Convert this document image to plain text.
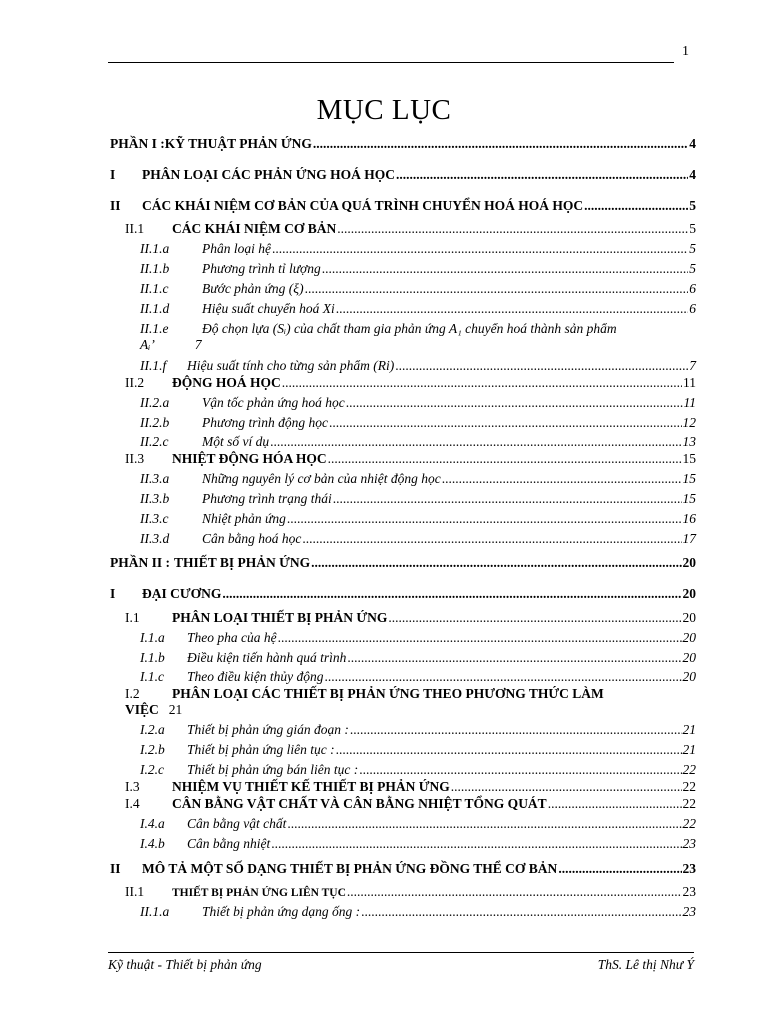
1
MỤC LỤC
PHẦN I : KỸ THUẬT PHẢN ỨNG .....	4
I	PHÂN LOẠI CÁC PHẢN ỨNG HOÁ HỌC .....	4
II	CÁC KHÁI NIỆM CƠ BẢN CỦA QUÁ TRÌNH CHUYỂN HOÁ HOÁ HỌC .....	5
II.1	CÁC KHÁI NIỆM CƠ BẢN .....	5
II.1.a	Phân loại hệ .....	5
II.1.b	Phương trình tỉ lượng .....	5
II.1.c	Bước phản ứng (ξ) .....	6
II.1.d	Hiệu suất chuyển hoá Xi .....	6
II.1.e Độ chọn lựa (Sᵢ) của chất tham gia phản ứng A₁ chuyển hoá thành sản phẩm
Aᵢ’	7
II.1.f	Hiệu suất tính cho từng sản phẩm (Ri) .....	7
II.2	ĐỘNG HOÁ HỌC .....	11
II.2.a	Vận tốc phản ứng hoá học .....	11
II.2.b	Phương trình động học .....	12
II.2.c	Một số ví dụ .....	13
II.3	NHIỆT ĐỘNG HÓA HỌC .....	15
II.3.a	Những nguyên lý cơ bản của nhiệt động học .....	15
II.3.b	Phương trình trạng thái .....	15
II.3.c	Nhiệt phản ứng .....	16
II.3.d	Cân bằng hoá học .....	17
PHẦN II : THIẾT BỊ PHẢN ỨNG .....	20
I	ĐẠI CƯƠNG .....	20
I.1	PHÂN LOẠI THIẾT BỊ PHẢN ỨNG .....	20
I.1.a	Theo pha của hệ .....	20
I.1.b	Điều kiện tiến hành quá trình .....	20
I.1.c	Theo điều kiện thủy động .....	20
I.2 PHÂN LOẠI CÁC THIẾT BỊ PHẢN ỨNG THEO PHƯƠNG THỨC LÀM
VIỆC 21
I.2.a	Thiết bị phản ứng gián đoạn : .....	21
I.2.b	Thiết bị phản ứng liên tục : .....	21
I.2.c	Thiết bị phản ứng bán liên tục : .....	22
I.3	NHIỆM VỤ THIẾT KẾ THIẾT BỊ PHẢN ỨNG .....	22
I.4	CÂN BẰNG VẬT CHẤT VÀ CÂN BẰNG NHIỆT TỔNG QUÁT .....	22
I.4.a	Cân bằng vật chất .....	22
I.4.b	Cân bằng nhiệt .....	23
II	MÔ TẢ MỘT SỐ DẠNG THIẾT BỊ PHẢN ỨNG ĐỒNG THỂ CƠ BẢN .....	23
II.1	THIẾT BỊ PHẢN ỨNG LIÊN TỤC .....	23
II.1.a	Thiết bị phản ứng dạng ống : .....	23
Kỹ thuật - Thiết bị phản ứng	ThS. Lê thị Như Ý
